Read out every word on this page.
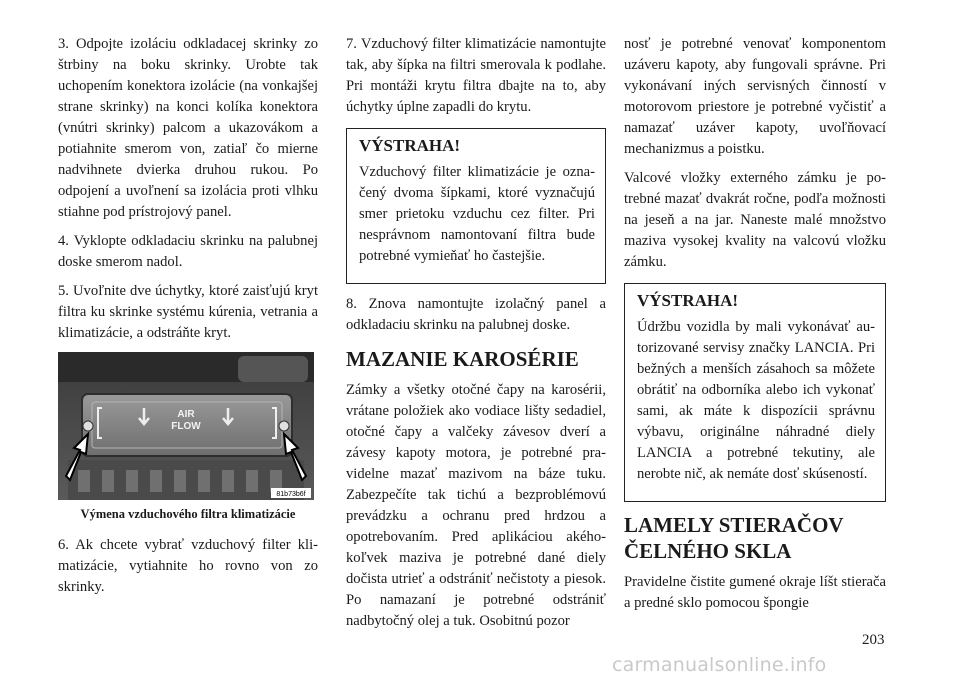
3. Odpojte izoláciu odkladacej skrinky zo štrbiny na boku skrinky. Urobte tak uchopením konektora izolácie (na vonkajšej strane skrinky) na konci kolíka konektora (vnútri skrinky) palcom a ukazovákom a potiahnite smerom von, zatiaľ čo mierne nadvihnete dvierka druhou rukou. Po odpojení a uvoľnení sa izolácia proti vlhku stiahne pod prístrojový panel.

4. Vyklopte odkladaciu skrinku na palubnej doske smerom nadol.

5. Uvoľnite dve úchytky, ktoré zaisťujú kryt filtra ku skrinke systému kúrenia, vetrania a klimatizácie, a odstráňte kryt.

AIR
FLOW
81b73b6f
Výmena vzduchového filtra klimatizácie

6. Ak chcete vybrať vzduchový filter klimatizácie, vytiahnite ho rovno von zo skrinky.

7. Vzduchový filter klimatizácie namontujte tak, aby šípka na filtri smerovala k podlahe. Pri montáži krytu filtra dbajte na to, aby úchytky úplne zapadli do krytu.

VÝSTRAHA!

Vzduchový filter klimatizácie je označený dvoma šípkami, ktoré vyznačujú smer prietoku vzduchu cez filter. Pri nesprávnom namontovaní filtra bude potrebné vymieňať ho častejšie.

8. Znova namontujte izolačný panel a odkladaciu skrinku na palubnej doske.

MAZANIE KAROSÉRIE

Zámky a všetky otočné čapy na karosérii, vrátane položiek ako vodiace lišty sedadiel, otočné čapy a valčeky závesov dverí a závesy kapoty motora, je potrebné pravidelne mazať mazivom na báze tuku. Zabezpečíte tak tichú a bezproblémovú prevádzku a ochranu pred hrdzou a opotrebovaním. Pred aplikáciou akéhokoľvek maziva je potrebné dané diely dočista utrieť a odstrániť nečistoty a piesok. Po namazaní je potrebné odstrániť nadbytočný olej a tuk. Osobitnú pozor

nosť je potrebné venovať komponentom uzáveru kapoty, aby fungovali správne. Pri vykonávaní iných servisných činností v motorovom priestore je potrebné vyčistiť a namazať uzáver kapoty, uvoľňovací mechanizmus a poistku.

Valcové vložky externého zámku je potrebné mazať dvakrát ročne, podľa možnosti na jeseň a na jar. Naneste malé množstvo maziva vysokej kvality na valcovú vložku zámku.

VÝSTRAHA!

Údržbu vozidla by mali vykonávať autorizované servisy značky LANCIA. Pri bežných a menších zásahoch sa môžete obrátiť na odborníka alebo ich vykonať sami, ak máte k dispozícii správnu výbavu, originálne náhradné diely LANCIA a potrebné tekutiny, ale nerobte nič, ak nemáte dosť skúseností.

LAMELY STIERAČOV
ČELNÉHO SKLA

Pravidelne čistite gumené okraje líšt stierača a predné sklo pomocou špongie

203
carmanualsonline.info
